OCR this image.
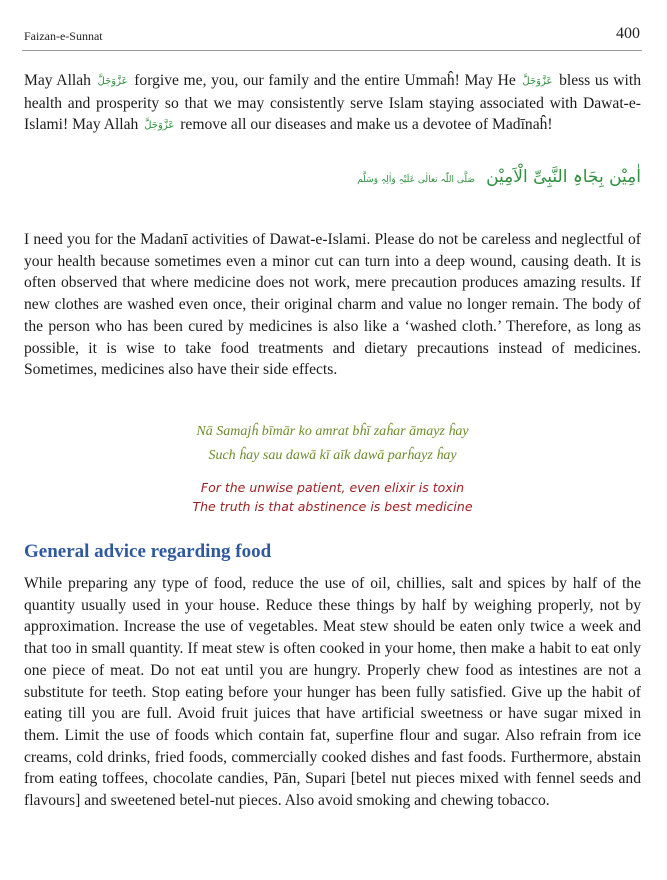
Faizan-e-Sunnat	400

May Allah عَزَّوَجَلَّ forgive me, you, our family and the entire Ummaĥ! May He عَزَّوَجَلَّ bless us with health and prosperity so that we may consistently serve Islam staying associated with Dawat-e-Islami! May Allah عَزَّوَجَلَّ remove all our diseases and make us a devotee of Madīnaĥ!

اٰمِیْن بِجَاہِ النَّبِیِّ الْاَمِیْن صَلَّی اللّٰہ تعالٰی عَلَیْہِ وَاٰلِہٖ وَسَلَّم

I need you for the Madanī activities of Dawat-e-Islami. Please do not be careless and neglectful of your health because sometimes even a minor cut can turn into a deep wound, causing death. It is often observed that where medicine does not work, mere precaution produces amazing results. If new clothes are washed even once, their original charm and value no longer remain. The body of the person who has been cured by medicines is also like a ‘washed cloth.’ Therefore, as long as possible, it is wise to take food treatments and dietary precautions instead of medicines. Sometimes, medicines also have their side effects.

Nā Samajĥ bīmār ko amrat bĥī zaĥar āmayz ĥay
Such ĥay sau dawā kī aīk dawā parĥayz ĥay
For the unwise patient, even elixir is toxin
The truth is that abstinence is best medicine
General advice regarding food

While preparing any type of food, reduce the use of oil, chillies, salt and spices by half of the quantity usually used in your house. Reduce these things by half by weighing properly, not by approximation. Increase the use of vegetables. Meat stew should be eaten only twice a week and that too in small quantity. If meat stew is often cooked in your home, then make a habit to eat only one piece of meat. Do not eat until you are hungry. Properly chew food as intestines are not a substitute for teeth. Stop eating before your hunger has been fully satisfied. Give up the habit of eating till you are full. Avoid fruit juices that have artificial sweetness or have sugar mixed in them. Limit the use of foods which contain fat, superfine flour and sugar. Also refrain from ice creams, cold drinks, fried foods, commercially cooked dishes and fast foods. Furthermore, abstain from eating toffees, chocolate candies, Pān, Supari [betel nut pieces mixed with fennel seeds and flavours] and sweetened betel-nut pieces. Also avoid smoking and chewing tobacco.
